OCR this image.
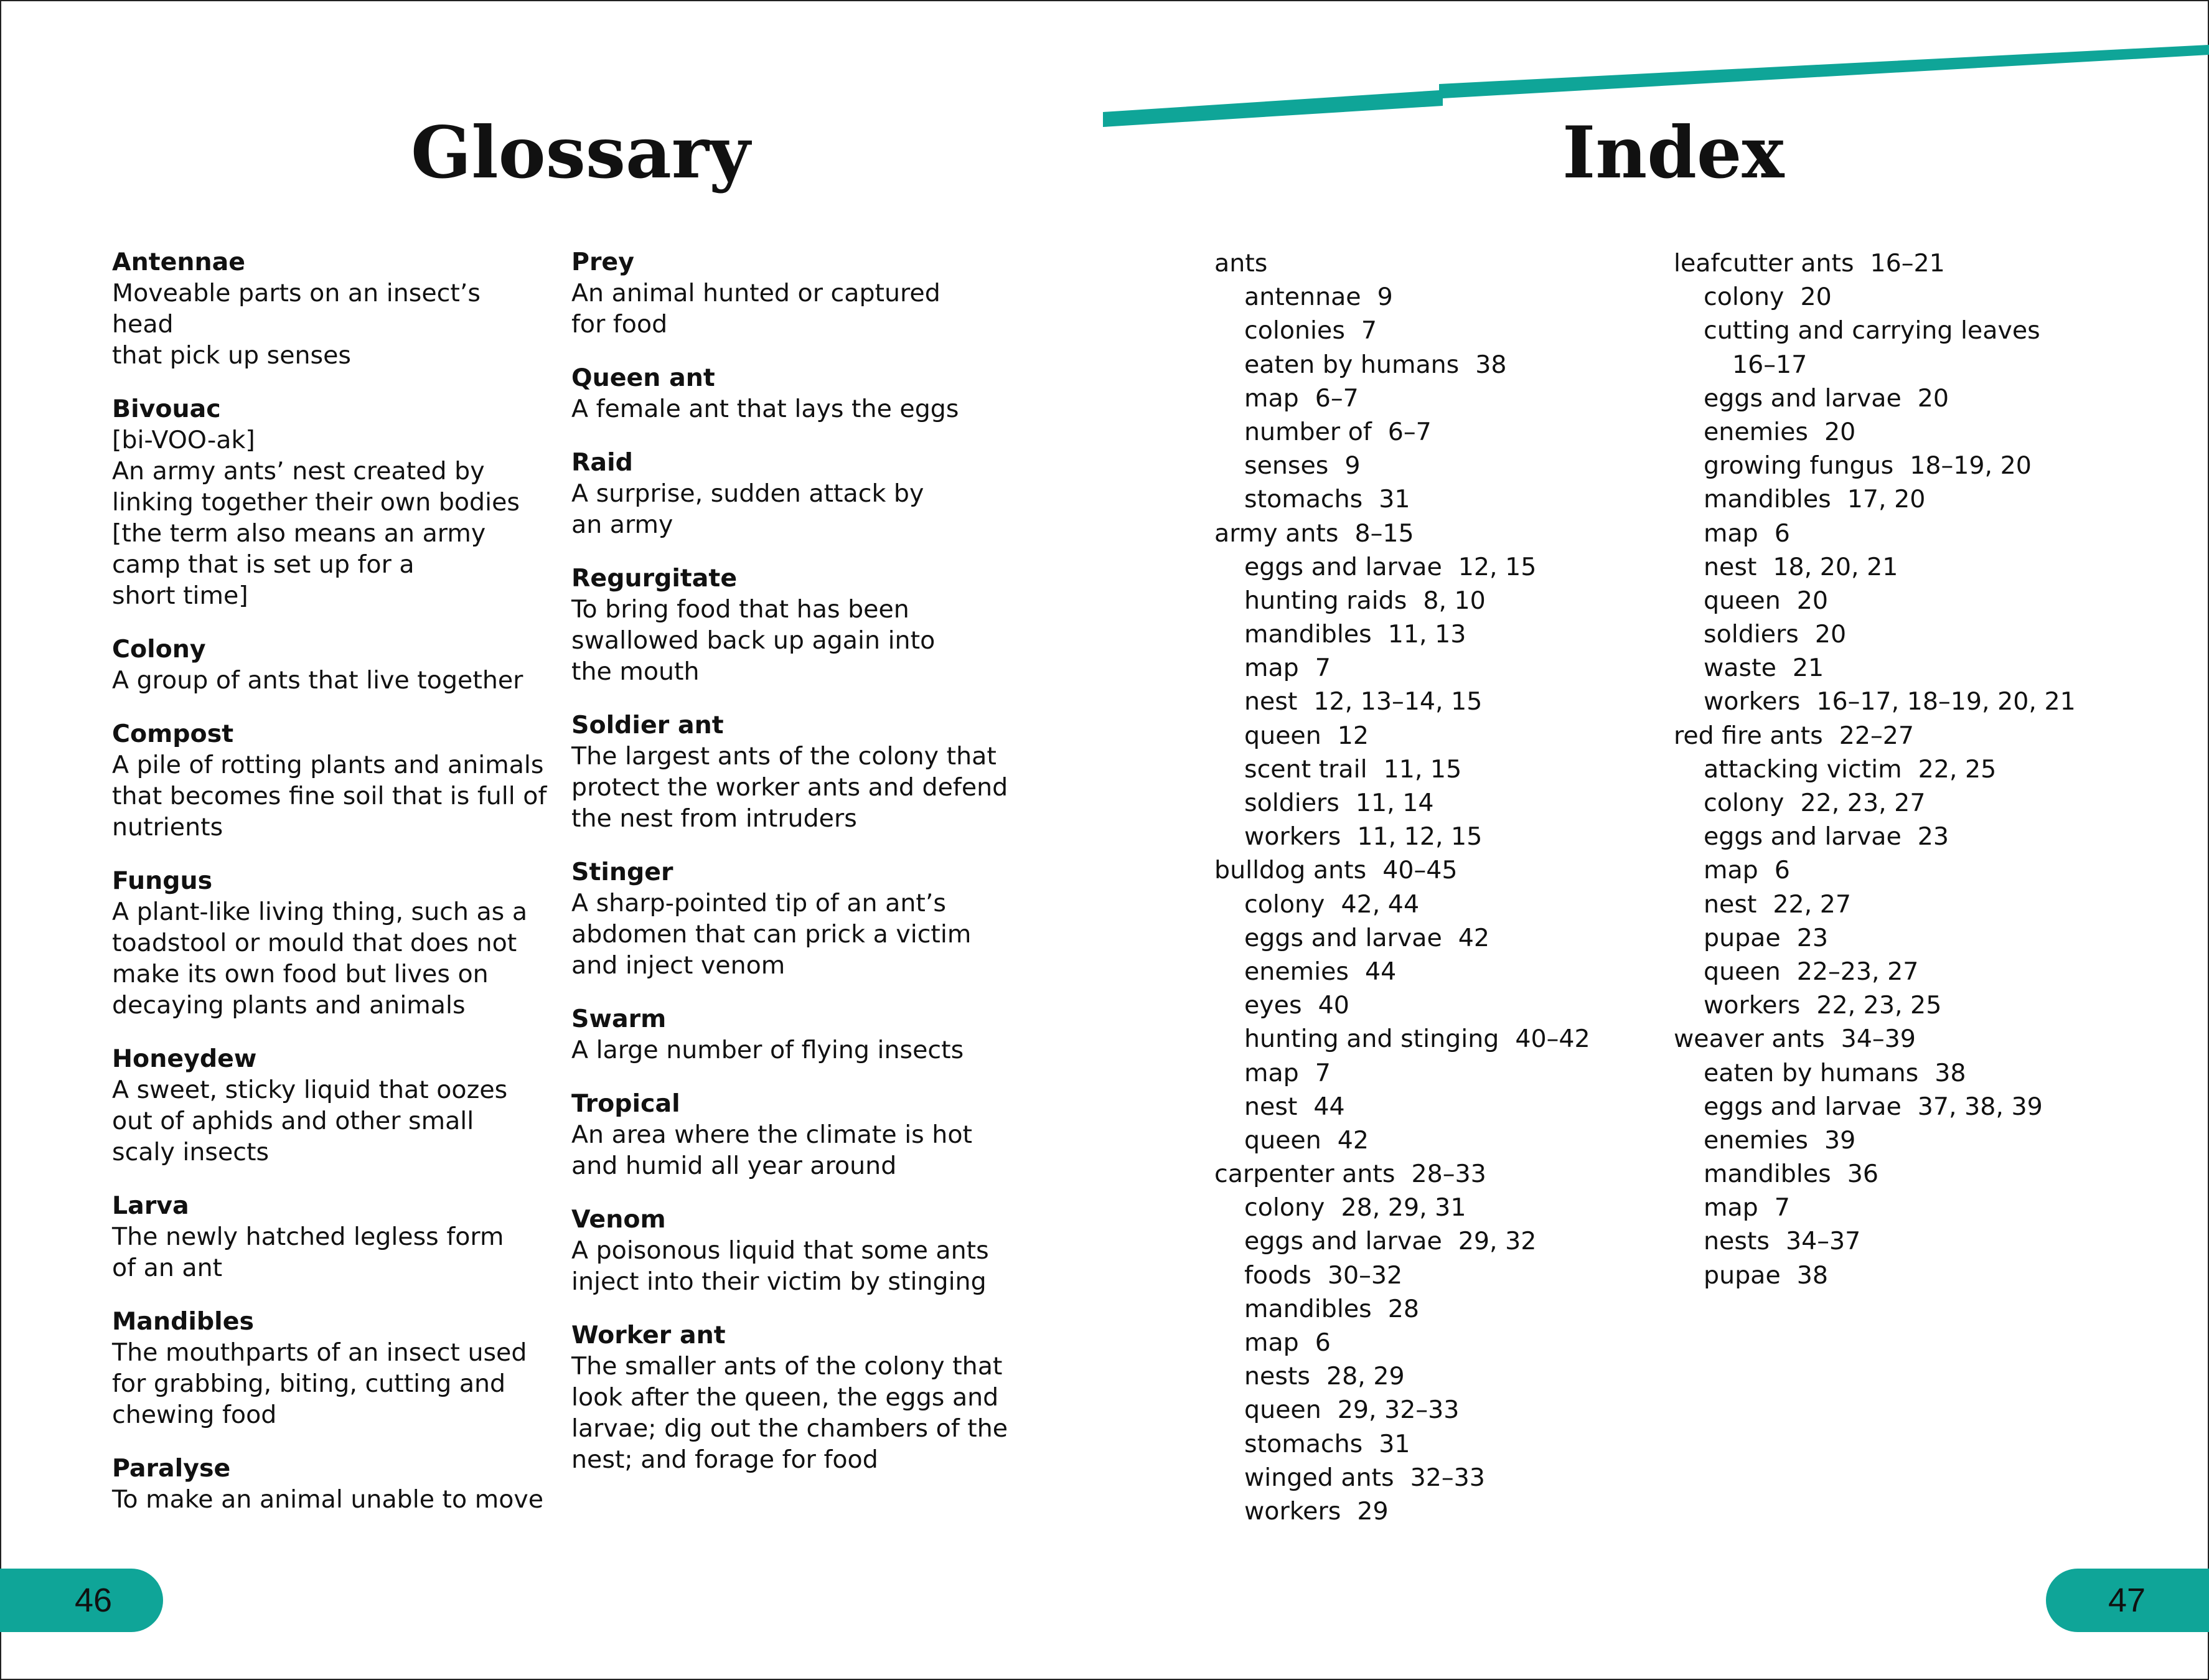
Glossary	Index
Antennae
Moveable parts on an insect’s head
that pick up senses
Bivouac
[bi-VOO-ak]
An army ants’ nest created by
linking together their own bodies
[the term also means an army
camp that is set up for a
short time]
Colony
A group of ants that live together
Compost
A pile of rotting plants and animals
that becomes fine soil that is full of
nutrients
Fungus
A plant-like living thing, such as a
toadstool or mould that does not
make its own food but lives on
decaying plants and animals
Honeydew
A sweet, sticky liquid that oozes
out of aphids and other small
scaly insects
Larva
The newly hatched legless form
of an ant
Mandibles
The mouthparts of an insect used
for grabbing, biting, cutting and
chewing food
Paralyse
To make an animal unable to move
Prey
An animal hunted or captured
for food
Queen ant
A female ant that lays the eggs
Raid
A surprise, sudden attack by
an army
Regurgitate
To bring food that has been
swallowed back up again into
the mouth
Soldier ant
The largest ants of the colony that
protect the worker ants and defend
the nest from intruders
Stinger
A sharp-pointed tip of an ant’s
abdomen that can prick a victim
and inject venom
Swarm
A large number of flying insects
Tropical
An area where the climate is hot
and humid all year around
Venom
A poisonous liquid that some ants
inject into their victim by stinging
Worker ant
The smaller ants of the colony that
look after the queen, the eggs and
larvae; dig out the chambers of the
nest; and forage for food
ants
antennae 9
colonies 7
eaten by humans 38
map 6–7
number of 6–7
senses 9
stomachs 31
army ants 8–15
eggs and larvae 12, 15
hunting raids 8, 10
mandibles 11, 13
map 7
nest 12, 13–14, 15
queen 12
scent trail 11, 15
soldiers 11, 14
workers 11, 12, 15
bulldog ants 40–45
colony 42, 44
eggs and larvae 42
enemies 44
eyes 40
hunting and stinging 40–42
map 7
nest 44
queen 42
carpenter ants 28–33
colony 28, 29, 31
eggs and larvae 29, 32
foods 30–32
mandibles 28
map 6
nests 28, 29
queen 29, 32–33
stomachs 31
winged ants 32–33
workers 29
leafcutter ants 16–21
colony 20
cutting and carrying leaves
16–17
eggs and larvae 20
enemies 20
growing fungus 18–19, 20
mandibles 17, 20
map 6
nest 18, 20, 21
queen 20
soldiers 20
waste 21
workers 16–17, 18–19, 20, 21
red fire ants 22–27
attacking victim 22, 25
colony 22, 23, 27
eggs and larvae 23
map 6
nest 22, 27
pupae 23
queen 22–23, 27
workers 22, 23, 25
weaver ants 34–39
eaten by humans 38
eggs and larvae 37, 38, 39
enemies 39
mandibles 36
map 7
nests 34–37
pupae 38
46	47
